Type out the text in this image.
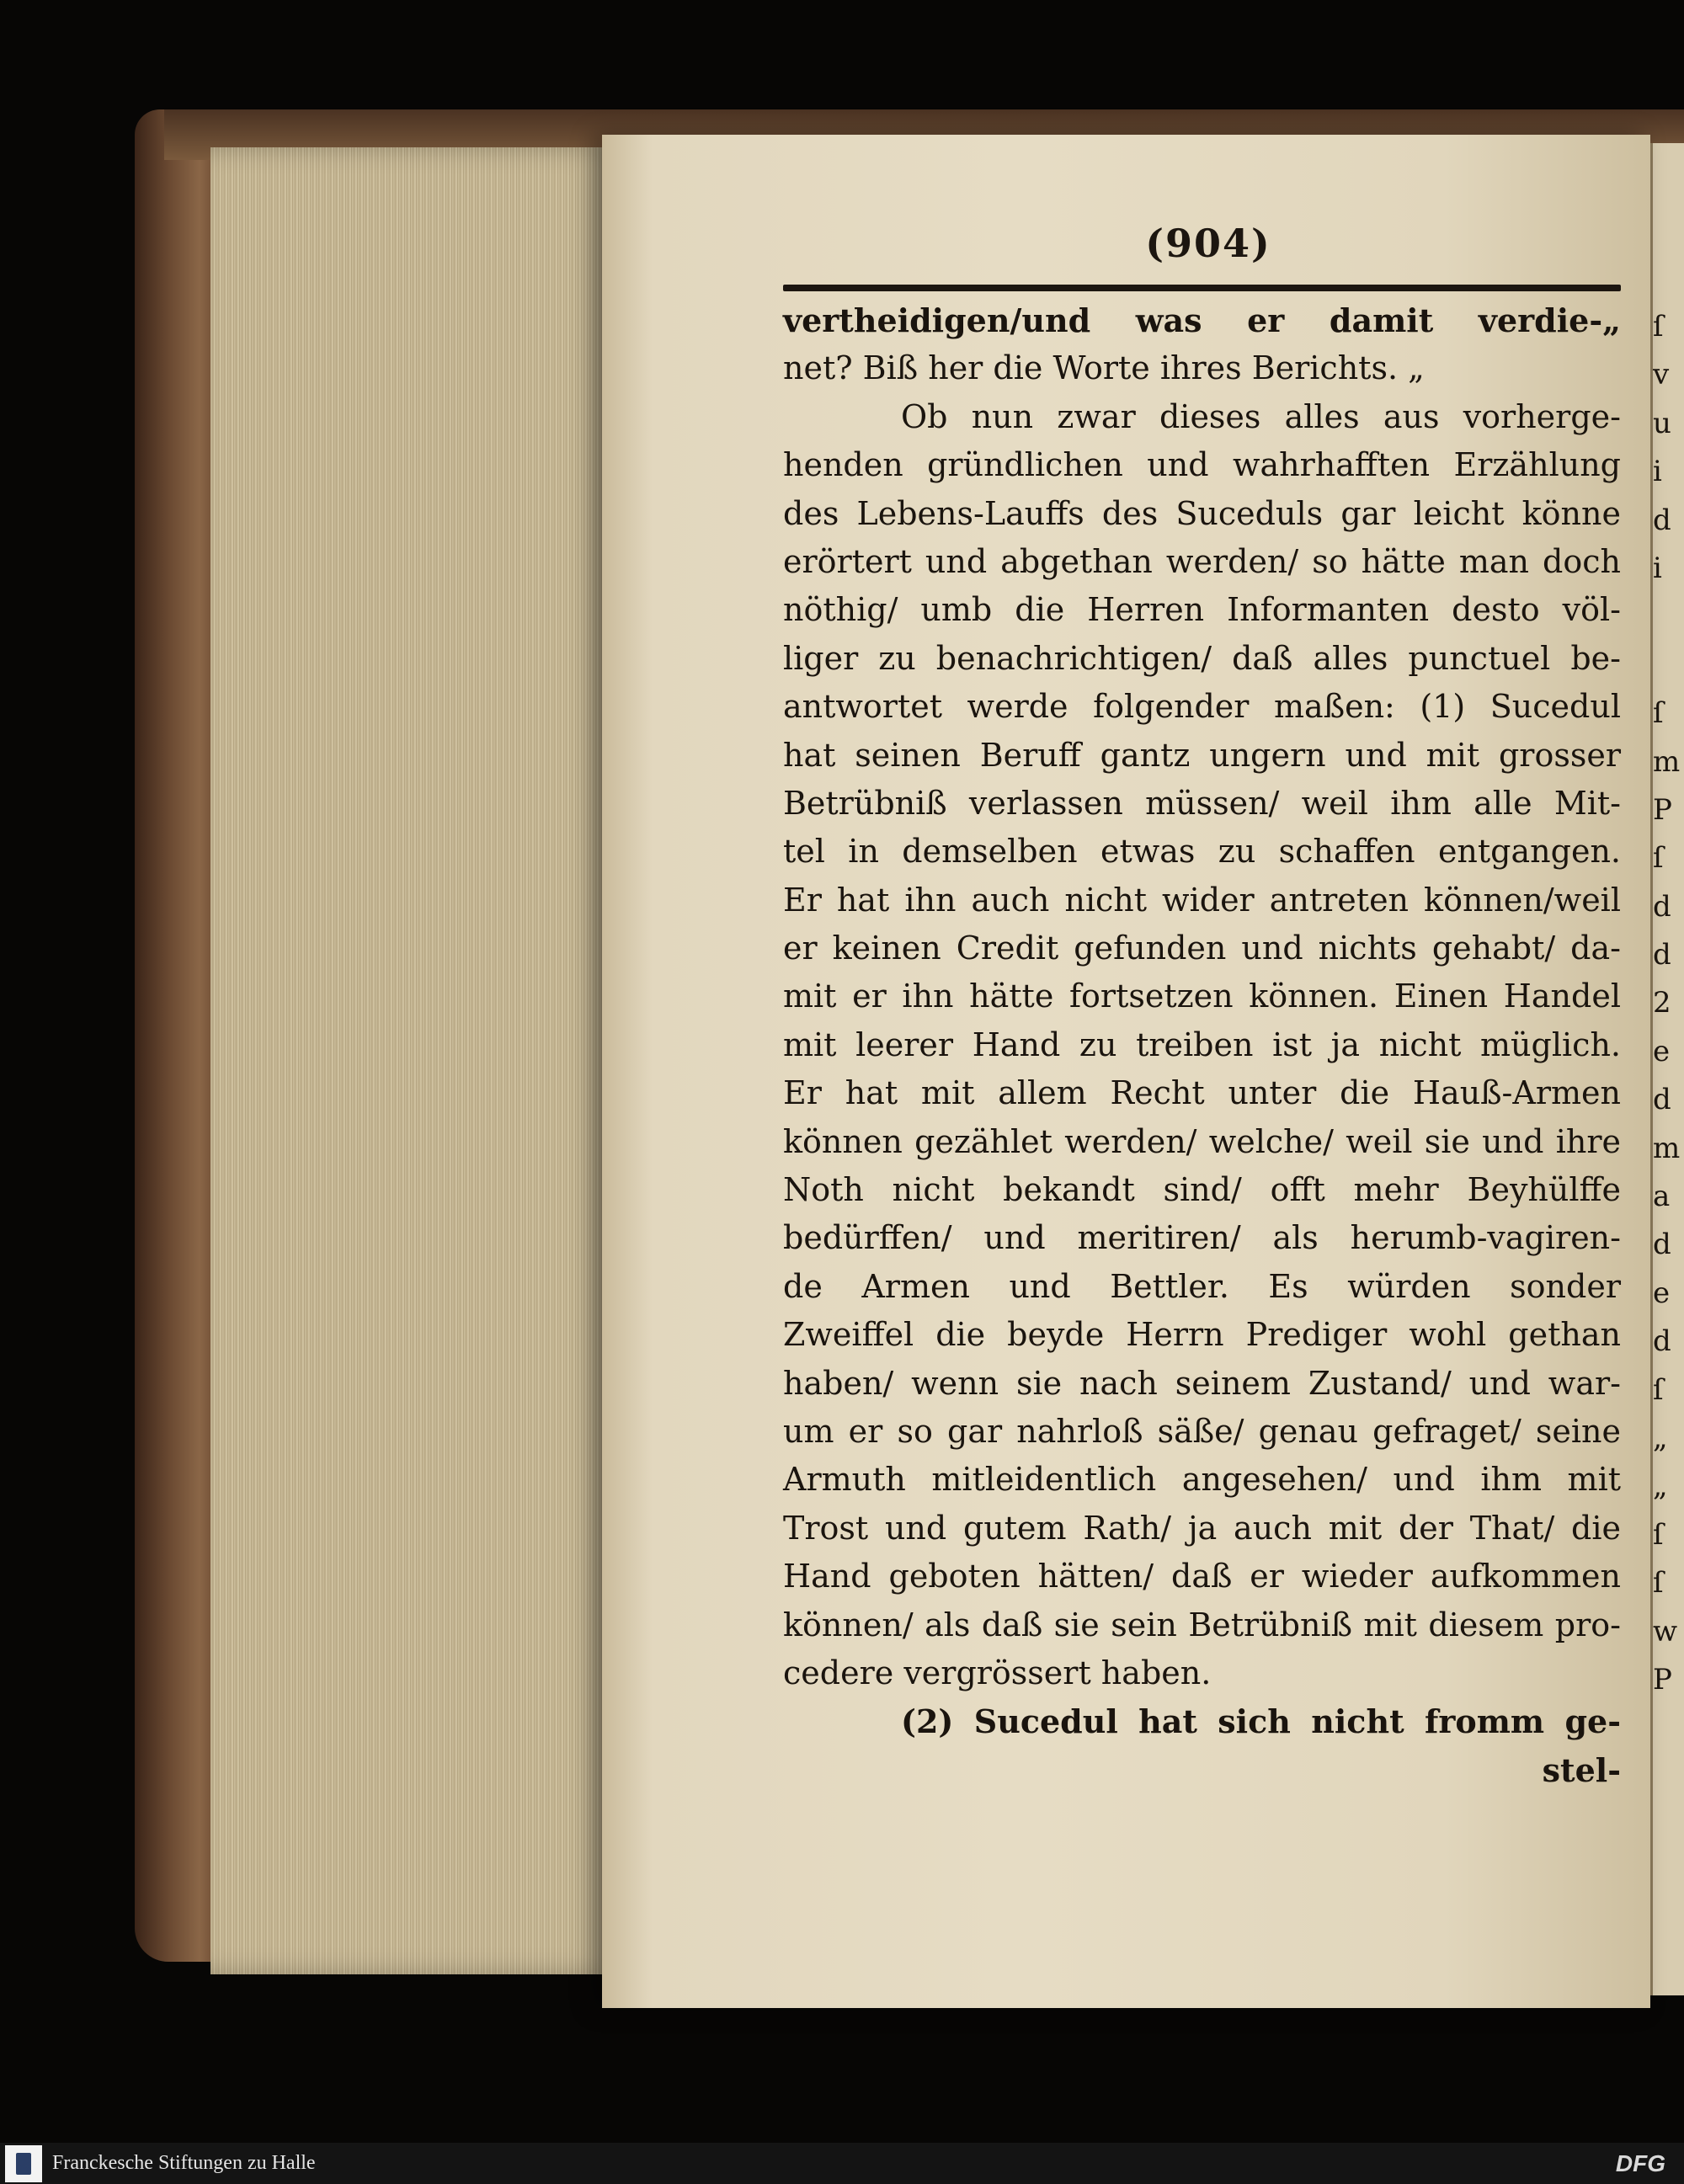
(904)
vertheidigen/und was er damit verdie-„
net? Biß her die Worte ihres Berichts. „
Ob nun zwar dieses alles aus vorherge-
henden gründlichen und wahrhafften Erzählung
des Lebens-Lauffs des Suceduls gar leicht könne
erörtert und abgethan werden/ so hätte man doch
nöthig/ umb die Herren Informanten desto völ-
liger zu benachrichtigen/ daß alles punctuel be-
antwortet werde folgender maßen: (1) Sucedul
hat seinen Beruff gantz ungern und mit grosser
Betrübniß verlassen müssen/ weil ihm alle Mit-
tel in demselben etwas zu schaffen entgangen.
Er hat ihn auch nicht wider antreten können/weil
er keinen Credit gefunden und nichts gehabt/ da-
mit er ihn hätte fortsetzen können. Einen Handel
mit leerer Hand zu treiben ist ja nicht müglich.
Er hat mit allem Recht unter die Hauß-Armen
können gezählet werden/ welche/ weil sie und ihre
Noth nicht bekandt sind/ offt mehr Beyhülffe
bedürffen/ und meritiren/ als herumb-vagiren-
de Armen und Bettler. Es würden sonder
Zweiffel die beyde Herrn Prediger wohl gethan
haben/ wenn sie nach seinem Zustand/ und war-
um er so gar nahrloß säße/ genau gefraget/ seine
Armuth mitleidentlich angesehen/ und ihm mit
Trost und gutem Rath/ ja auch mit der That/ die
Hand geboten hätten/ daß er wieder aufkommen
können/ als daß sie sein Betrübniß mit diesem pro-
cedere vergrössert haben.
(2) Sucedul hat sich nicht fromm ge-
stel-
ſ
v
u
i
d
i
ſ
m
P
ſ
d
d
2
e
d
m
a
d
e
d
ſ
„
„
ſ
ſ
w
P
Franckesche Stiftungen zu Halle	DFG
